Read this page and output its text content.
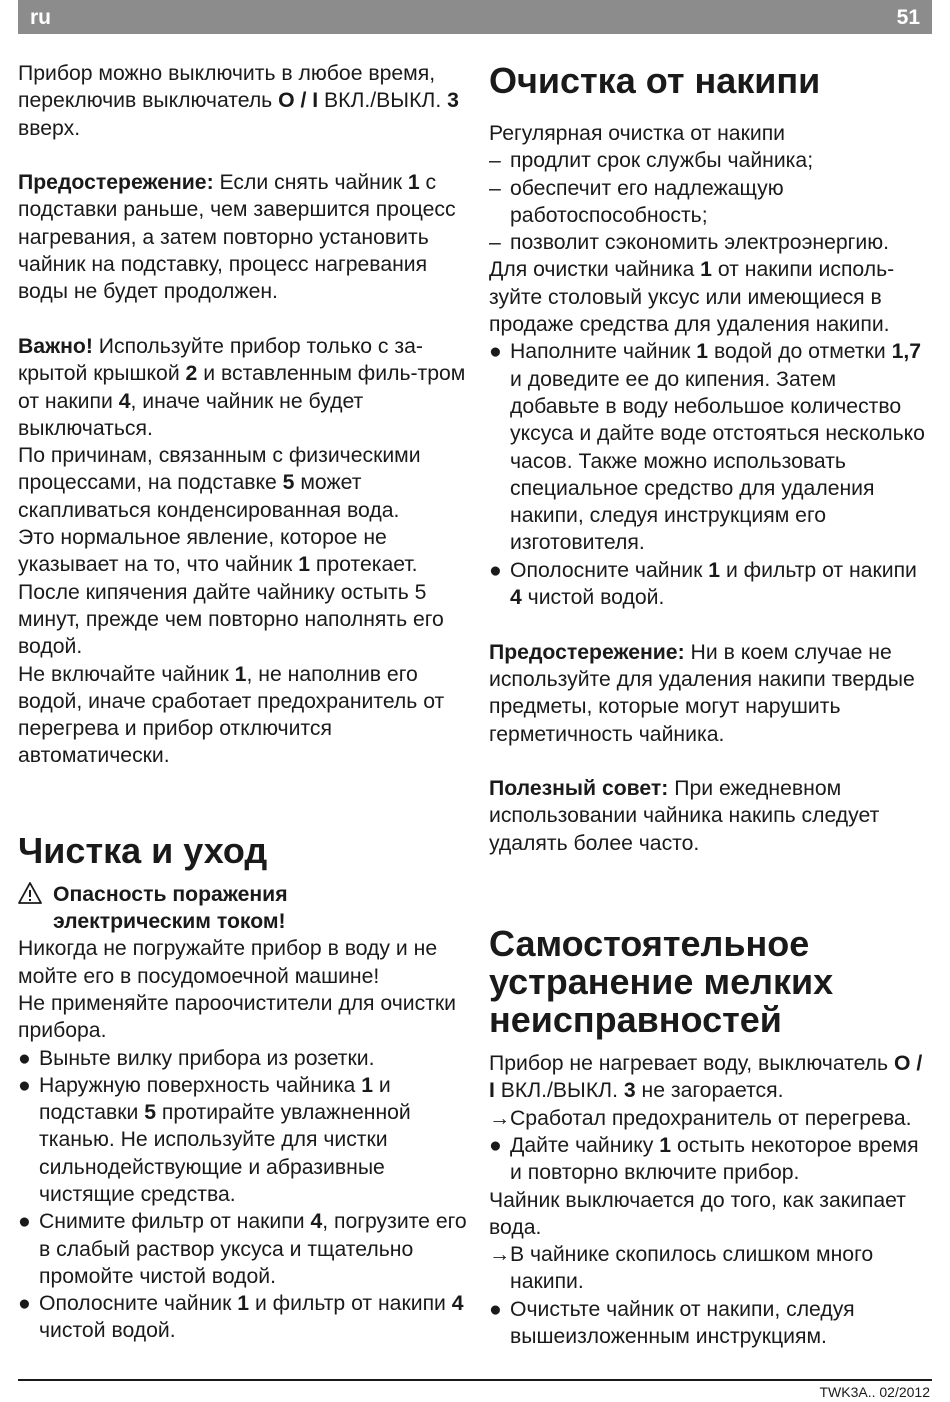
ru	51

Прибор можно выключить в любое время, переключив выключатель O / I ВКЛ./ВЫКЛ. 3 вверх.

Предостережение: Если снять чайник 1 с подставки раньше, чем завершится процесс нагревания, а затем повторно установить чайник на подставку, процесс нагревания воды не будет продолжен.

Важно! Используйте прибор только с за-крытой крышкой 2 и вставленным филь-тром от накипи 4, иначе чайник не будет выключаться.

По причинам, связанным с физическими процессами, на подставке 5 может скапливаться конденсированная вода.

Это нормальное явление, которое не указывает на то, что чайник 1 протекает.

После кипячения дайте чайнику остыть 5 минут, прежде чем повторно наполнять его водой.

Не включайте чайник 1, не наполнив его водой, иначе сработает предохранитель от перегрева и прибор отключится автоматически.

Чистка и уход
Опасность поражения
электрическим током!

Никогда не погружайте прибор в воду и не мойте его в посудомоечной машине!

Не применяйте пароочистители для очистки прибора.

● Выньте вилку прибора из розетки.
● Наружную поверхность чайника 1 и подставки 5 протирайте увлажненной тканью. Не используйте для чистки сильнодействующие и абразивные чистящие средства.
● Снимите фильтр от накипи 4, погрузите его в слабый раствор уксуса и тщательно промойте чистой водой.
● Ополосните чайник 1 и фильтр от накипи 4 чистой водой.
Очистка от накипи

Регулярная очистка от накипи

– продлит срок службы чайника;
– обеспечит его надлежащую работоспособность;
– позволит сэкономить электроэнергию.

Для очистки чайника 1 от накипи исполь-зуйте столовый уксус или имеющиеся в продаже средства для удаления накипи.

● Наполните чайник 1 водой до отметки 1,7 и доведите ее до кипения. Затем добавьте в воду небольшое количество уксуса и дайте воде отстояться несколько часов. Также можно использовать специальное средство для удаления накипи, следуя инструкциям его изготовителя.
● Ополосните чайник 1 и фильтр от накипи 4 чистой водой.

Предостережение: Ни в коем случае не используйте для удаления накипи твердые предметы, которые могут нарушить герметичность чайника.

Полезный совет: При ежедневном использовании чайника накипь следует удалять более часто.

Самостоятельное
устранение мелких
неисправностей

Прибор не нагревает воду, выключатель O / I ВКЛ./ВЫКЛ. 3 не загорается.

→ Сработал предохранитель от перегрева.
● Дайте чайнику 1 остыть некоторое время и повторно включите прибор.

Чайник выключается до того, как закипает вода.

→ В чайнике скопилось слишком много накипи.
● Очистьте чайник от накипи, следуя вышеизложенным инструкциям.
TWK3A.. 02/2012
